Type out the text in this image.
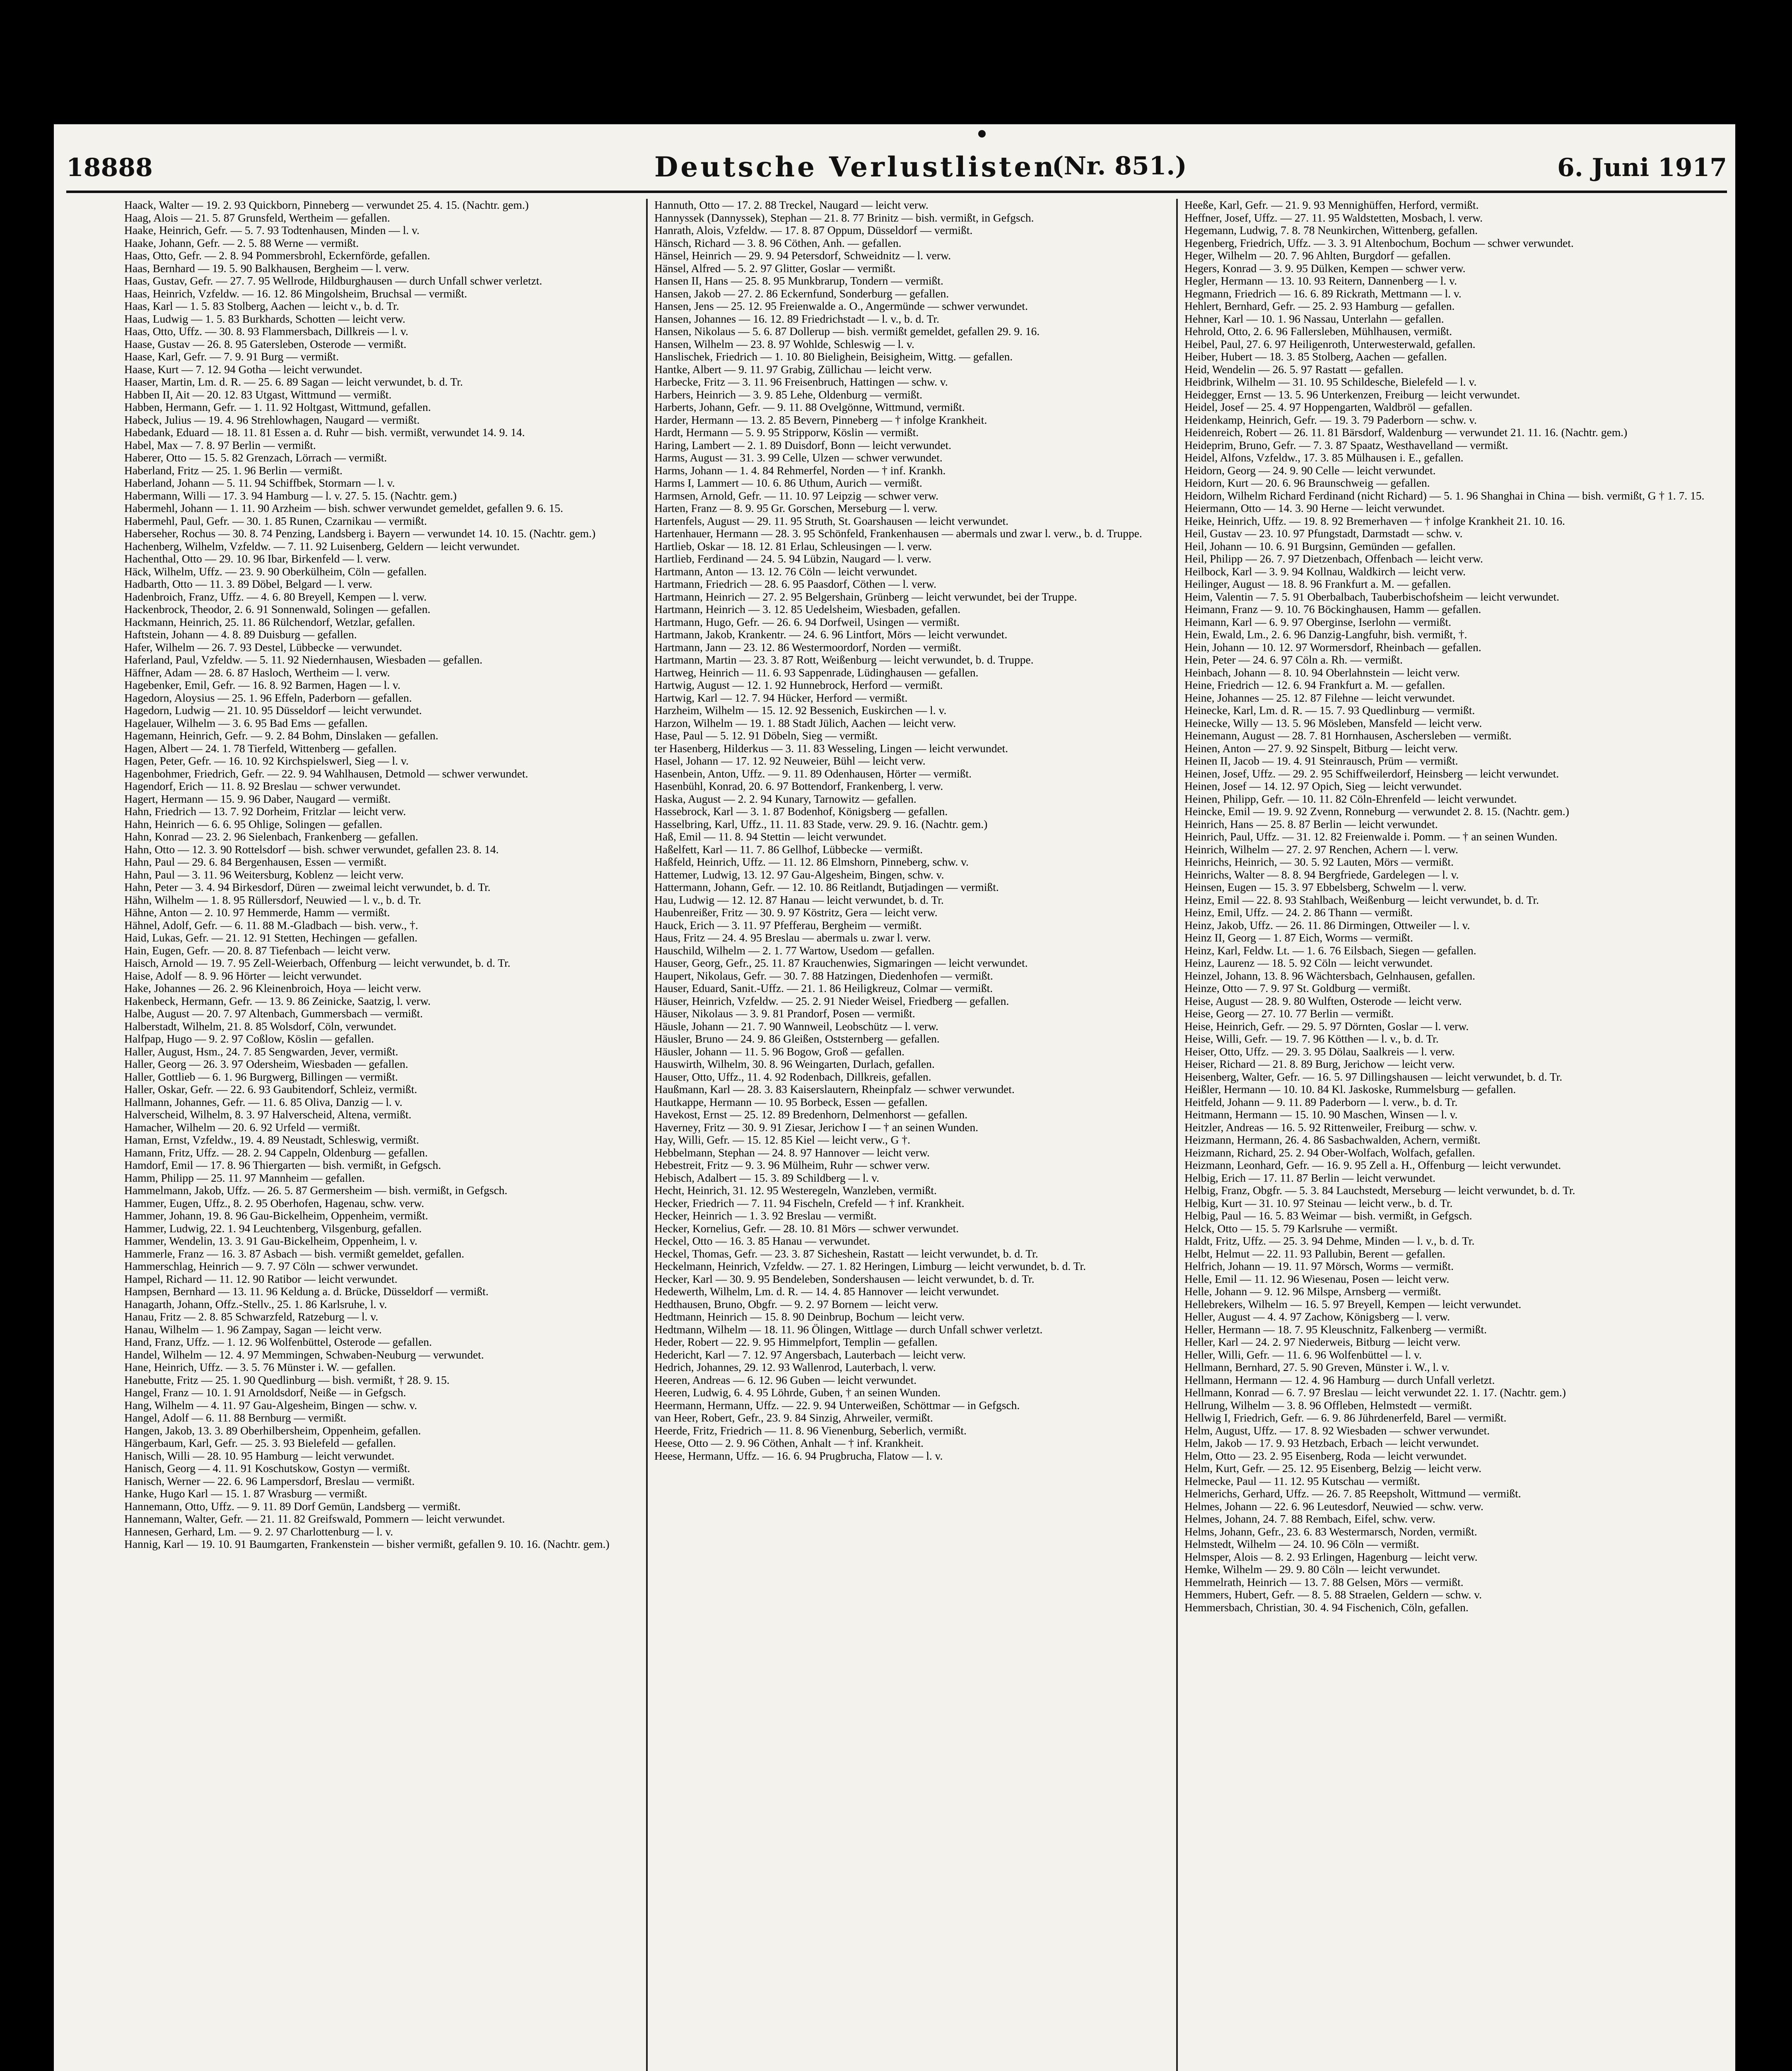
18888	Deutsche Verlustlisten
(Nr. 851.)	6. Juni 1917
Haack, Walter — 19. 2. 93 Quickborn, Pinneberg — verwundet 25. 4. 15. (Nachtr. gem.)
Haag, Alois — 21. 5. 87 Grunsfeld, Wertheim — gefallen.
Haake, Heinrich, Gefr. — 5. 7. 93 Todtenhausen, Minden — l. v.
Haake, Johann, Gefr. — 2. 5. 88 Werne — vermißt.
Haas, Otto, Gefr. — 2. 8. 94 Pommersbrohl, Eckernförde, gefallen.
Haas, Bernhard — 19. 5. 90 Balkhausen, Bergheim — l. verw.
Haas, Gustav, Gefr. — 27. 7. 95 Wellrode, Hildburghausen — durch Unfall schwer verletzt.
Haas, Heinrich, Vzfeldw. — 16. 12. 86 Mingolsheim, Bruchsal — vermißt.
Haas, Karl — 1. 5. 83 Stolberg, Aachen — leicht v., b. d. Tr.
Haas, Ludwig — 1. 5. 83 Burkhards, Schotten — leicht verw.
Haas, Otto, Uffz. — 30. 8. 93 Flammersbach, Dillkreis — l. v.
Haase, Gustav — 26. 8. 95 Gatersleben, Osterode — vermißt.
Haase, Karl, Gefr. — 7. 9. 91 Burg — vermißt.
Haase, Kurt — 7. 12. 94 Gotha — leicht verwundet.
Haaser, Martin, Lm. d. R. — 25. 6. 89 Sagan — leicht verwundet, b. d. Tr.
Habben II, Ait — 20. 12. 83 Utgast, Wittmund — vermißt.
Habben, Hermann, Gefr. — 1. 11. 92 Holtgast, Wittmund, gefallen.
Habeck, Julius — 19. 4. 96 Strehlowhagen, Naugard — vermißt.
Habedank, Eduard — 18. 11. 81 Essen a. d. Ruhr — bish. vermißt, verwundet 14. 9. 14.
Habel, Max — 7. 8. 97 Berlin — vermißt.
Haberer, Otto — 15. 5. 82 Grenzach, Lörrach — vermißt.
Haberland, Fritz — 25. 1. 96 Berlin — vermißt.
Haberland, Johann — 5. 11. 94 Schiffbek, Stormarn — l. v.
Habermann, Willi — 17. 3. 94 Hamburg — l. v. 27. 5. 15. (Nachtr. gem.)
Habermehl, Johann — 1. 11. 90 Arzheim — bish. schwer verwundet gemeldet, gefallen 9. 6. 15.
Habermehl, Paul, Gefr. — 30. 1. 85 Runen, Czarnikau — vermißt.
Haberseher, Rochus — 30. 8. 74 Penzing, Landsberg i. Bayern — verwundet 14. 10. 15. (Nachtr. gem.)
Hachenberg, Wilhelm, Vzfeldw. — 7. 11. 92 Luisenberg, Geldern — leicht verwundet.
Hachenthal, Otto — 29. 10. 96 Ibar, Birkenfeld — l. verw.
Häck, Wilhelm, Uffz. — 23. 9. 90 Oberkülheim, Cöln — gefallen.
Hadbarth, Otto — 11. 3. 89 Döbel, Belgard — l. verw.
Hadenbroich, Franz, Uffz. — 4. 6. 80 Breyell, Kempen — l. verw.
Hackenbrock, Theodor, 2. 6. 91 Sonnenwald, Solingen — gefallen.
Hackmann, Heinrich, 25. 11. 86 Rülchendorf, Wetzlar, gefallen.
Haftstein, Johann — 4. 8. 89 Duisburg — gefallen.
Hafer, Wilhelm — 26. 7. 93 Destel, Lübbecke — verwundet.
Haferland, Paul, Vzfeldw. — 5. 11. 92 Niedernhausen, Wiesbaden — gefallen.
Häffner, Adam — 28. 6. 87 Hasloch, Wertheim — l. verw.
Hagebenker, Emil, Gefr. — 16. 8. 92 Barmen, Hagen — l. v.
Hagedorn, Aloysius — 25. 1. 96 Effeln, Paderborn — gefallen.
Hagedorn, Ludwig — 21. 10. 95 Düsseldorf — leicht verwundet.
Hagelauer, Wilhelm — 3. 6. 95 Bad Ems — gefallen.
Hagemann, Heinrich, Gefr. — 9. 2. 84 Bohm, Dinslaken — gefallen.
Hagen, Albert — 24. 1. 78 Tierfeld, Wittenberg — gefallen.
Hagen, Peter, Gefr. — 16. 10. 92 Kirchspielswerl, Sieg — l. v.
Hagenbohmer, Friedrich, Gefr. — 22. 9. 94 Wahlhausen, Detmold — schwer verwundet.
Hagendorf, Erich — 11. 8. 92 Breslau — schwer verwundet.
Hagert, Hermann — 15. 9. 96 Daber, Naugard — vermißt.
Hahn, Friedrich — 13. 7. 92 Dorheim, Fritzlar — leicht verw.
Hahn, Heinrich — 6. 6. 95 Ohlige, Solingen — gefallen.
Hahn, Konrad — 23. 2. 96 Sielenbach, Frankenberg — gefallen.
Hahn, Otto — 12. 3. 90 Rottelsdorf — bish. schwer verwundet, gefallen 23. 8. 14.
Hahn, Paul — 29. 6. 84 Bergenhausen, Essen — vermißt.
Hahn, Paul — 3. 11. 96 Weitersburg, Koblenz — leicht verw.
Hahn, Peter — 3. 4. 94 Birkesdorf, Düren — zweimal leicht verwundet, b. d. Tr.
Hähn, Wilhelm — 1. 8. 95 Rüllersdorf, Neuwied — l. v., b. d. Tr.
Hähne, Anton — 2. 10. 97 Hemmerde, Hamm — vermißt.
Hähnel, Adolf, Gefr. — 6. 11. 88 M.-Gladbach — bish. verw., †.
Haid, Lukas, Gefr. — 21. 12. 91 Stetten, Hechingen — gefallen.
Hain, Eugen, Gefr. — 20. 8. 87 Tiefenbach — leicht verw.
Haisch, Arnold — 19. 7. 95 Zell-Weierbach, Offenburg — leicht verwundet, b. d. Tr.
Haise, Adolf — 8. 9. 96 Hörter — leicht verwundet.
Hake, Johannes — 26. 2. 96 Kleinenbroich, Hoya — leicht verw.
Hakenbeck, Hermann, Gefr. — 13. 9. 86 Zeinicke, Saatzig, l. verw.
Halbe, August — 20. 7. 97 Altenbach, Gummersbach — vermißt.
Halberstadt, Wilhelm, 21. 8. 85 Wolsdorf, Cöln, verwundet.
Halfpap, Hugo — 9. 2. 97 Coßlow, Köslin — gefallen.
Haller, August, Hsm., 24. 7. 85 Sengwarden, Jever, vermißt.
Haller, Georg — 26. 3. 97 Odersheim, Wiesbaden — gefallen.
Haller, Gottlieb — 6. 1. 96 Burgwerg, Billingen — vermißt.
Haller, Oskar, Gefr. — 22. 6. 93 Gaubitendorf, Schleiz, vermißt.
Hallmann, Johannes, Gefr. — 11. 6. 85 Oliva, Danzig — l. v.
Halverscheid, Wilhelm, 8. 3. 97 Halverscheid, Altena, vermißt.
Hamacher, Wilhelm — 20. 6. 92 Urfeld — vermißt.
Haman, Ernst, Vzfeldw., 19. 4. 89 Neustadt, Schleswig, vermißt.
Hamann, Fritz, Uffz. — 28. 2. 94 Cappeln, Oldenburg — gefallen.
Hamdorf, Emil — 17. 8. 96 Thiergarten — bish. vermißt, in Gefgsch.
Hamm, Philipp — 25. 11. 97 Mannheim — gefallen.
Hammelmann, Jakob, Uffz. — 26. 5. 87 Germersheim — bish. vermißt, in Gefgsch.
Hammer, Eugen, Uffz., 8. 2. 95 Oberhofen, Hagenau, schw. verw.
Hammer, Johann, 19. 8. 96 Gau-Bickelheim, Oppenheim, vermißt.
Hammer, Ludwig, 22. 1. 94 Leuchtenberg, Vilsgenburg, gefallen.
Hammer, Wendelin, 13. 3. 91 Gau-Bickelheim, Oppenheim, l. v.
Hammerle, Franz — 16. 3. 87 Asbach — bish. vermißt gemeldet, gefallen.
Hammerschlag, Heinrich — 9. 7. 97 Cöln — schwer verwundet.
Hampel, Richard — 11. 12. 90 Ratibor — leicht verwundet.
Hampsen, Bernhard — 13. 11. 96 Keldung a. d. Brücke, Düsseldorf — vermißt.
Hanagarth, Johann, Offz.-Stellv., 25. 1. 86 Karlsruhe, l. v.
Hanau, Fritz — 2. 8. 85 Schwarzfeld, Ratzeburg — l. v.
Hanau, Wilhelm — 1. 96 Zampay, Sagan — leicht verw.
Hand, Franz, Uffz. — 1. 12. 96 Wolfenbüttel, Osterode — gefallen.
Handel, Wilhelm — 12. 4. 97 Memmingen, Schwaben-Neuburg — verwundet.
Hane, Heinrich, Uffz. — 3. 5. 76 Münster i. W. — gefallen.
Hanebutte, Fritz — 25. 1. 90 Quedlinburg — bish. vermißt, † 28. 9. 15.
Hangel, Franz — 10. 1. 91 Arnoldsdorf, Neiße — in Gefgsch.
Hang, Wilhelm — 4. 11. 97 Gau-Algesheim, Bingen — schw. v.
Hangel, Adolf — 6. 11. 88 Bernburg — vermißt.
Hangen, Jakob, 13. 3. 89 Oberhilbersheim, Oppenheim, gefallen.
Hängerbaum, Karl, Gefr. — 25. 3. 93 Bielefeld — gefallen.
Hanisch, Willi — 28. 10. 95 Hamburg — leicht verwundet.
Hanisch, Georg — 4. 11. 91 Koschutskow, Gostyn — vermißt.
Hanisch, Werner — 22. 6. 96 Lampersdorf, Breslau — vermißt.
Hanke, Hugo Karl — 15. 1. 87 Wrasburg — vermißt.
Hannemann, Otto, Uffz. — 9. 11. 89 Dorf Gemün, Landsberg — vermißt.
Hannemann, Walter, Gefr. — 21. 11. 82 Greifswald, Pommern — leicht verwundet.
Hannesen, Gerhard, Lm. — 9. 2. 97 Charlottenburg — l. v.
Hannig, Karl — 19. 10. 91 Baumgarten, Frankenstein — bisher vermißt, gefallen 9. 10. 16. (Nachtr. gem.)
Hannuth, Otto — 17. 2. 88 Treckel, Naugard — leicht verw.
Hannyssek (Dannyssek), Stephan — 21. 8. 77 Brinitz — bish. vermißt, in Gefgsch.
Hanrath, Alois, Vzfeldw. — 17. 8. 87 Oppum, Düsseldorf — vermißt.
Hänsch, Richard — 3. 8. 96 Cöthen, Anh. — gefallen.
Hänsel, Heinrich — 29. 9. 94 Petersdorf, Schweidnitz — l. verw.
Hänsel, Alfred — 5. 2. 97 Glitter, Goslar — vermißt.
Hansen II, Hans — 25. 8. 95 Munkbrarup, Tondern — vermißt.
Hansen, Jakob — 27. 2. 86 Eckernfund, Sonderburg — gefallen.
Hansen, Jens — 25. 12. 95 Freienwalde a. O., Angermünde — schwer verwundet.
Hansen, Johannes — 16. 12. 89 Friedrichstadt — l. v., b. d. Tr.
Hansen, Nikolaus — 5. 6. 87 Dollerup — bish. vermißt gemeldet, gefallen 29. 9. 16.
Hansen, Wilhelm — 23. 8. 97 Wohlde, Schleswig — l. v.
Hanslischek, Friedrich — 1. 10. 80 Bielighein, Beisigheim, Wittg. — gefallen.
Hantke, Albert — 9. 11. 97 Grabig, Züllichau — leicht verw.
Harbecke, Fritz — 3. 11. 96 Freisenbruch, Hattingen — schw. v.
Harbers, Heinrich — 3. 9. 85 Lehe, Oldenburg — vermißt.
Harberts, Johann, Gefr. — 9. 11. 88 Ovelgönne, Wittmund, vermißt.
Harder, Hermann — 13. 2. 85 Bevern, Pinneberg — † infolge Krankheit.
Hardt, Hermann — 5. 9. 95 Stripporw, Köslin — vermißt.
Haring, Lambert — 2. 1. 89 Duisdorf, Bonn — leicht verwundet.
Harms, August — 31. 3. 99 Celle, Ulzen — schwer verwundet.
Harms, Johann — 1. 4. 84 Rehmerfel, Norden — † inf. Krankh.
Harms I, Lammert — 10. 6. 86 Uthum, Aurich — vermißt.
Harmsen, Arnold, Gefr. — 11. 10. 97 Leipzig — schwer verw.
Harten, Franz — 8. 9. 95 Gr. Gorschen, Merseburg — l. verw.
Hartenfels, August — 29. 11. 95 Struth, St. Goarshausen — leicht verwundet.
Hartenhauer, Hermann — 28. 3. 95 Schönfeld, Frankenhausen — abermals und zwar l. verw., b. d. Truppe.
Hartlieb, Oskar — 18. 12. 81 Erlau, Schleusingen — l. verw.
Hartlieb, Ferdinand — 24. 5. 94 Lübzin, Naugard — l. verw.
Hartmann, Anton — 13. 12. 76 Cöln — leicht verwundet.
Hartmann, Friedrich — 28. 6. 95 Paasdorf, Cöthen — l. verw.
Hartmann, Heinrich — 27. 2. 95 Belgershain, Grünberg — leicht verwundet, bei der Truppe.
Hartmann, Heinrich — 3. 12. 85 Uedelsheim, Wiesbaden, gefallen.
Hartmann, Hugo, Gefr. — 26. 6. 94 Dorfweil, Usingen — vermißt.
Hartmann, Jakob, Krankentr. — 24. 6. 96 Lintfort, Mörs — leicht verwundet.
Hartmann, Jann — 23. 12. 86 Westermoordorf, Norden — vermißt.
Hartmann, Martin — 23. 3. 87 Rott, Weißenburg — leicht verwundet, b. d. Truppe.
Hartweg, Heinrich — 11. 6. 93 Sappenrade, Lüdinghausen — gefallen.
Hartwig, August — 12. 1. 92 Hunnebrock, Herford — vermißt.
Hartwig, Karl — 12. 7. 94 Hücker, Herford — vermißt.
Harzheim, Wilhelm — 15. 12. 92 Bessenich, Euskirchen — l. v.
Harzon, Wilhelm — 19. 1. 88 Stadt Jülich, Aachen — leicht verw.
Hase, Paul — 5. 12. 91 Döbeln, Sieg — vermißt.
ter Hasenberg, Hilderkus — 3. 11. 83 Wesseling, Lingen — leicht verwundet.
Hasel, Johann — 17. 12. 92 Neuweier, Bühl — leicht verw.
Hasenbein, Anton, Uffz. — 9. 11. 89 Odenhausen, Hörter — vermißt.
Hasenbühl, Konrad, 20. 6. 97 Bottendorf, Frankenberg, l. verw.
Haska, August — 2. 2. 94 Kunary, Tarnowitz — gefallen.
Hassebrock, Karl — 3. 1. 87 Bodenhof, Königsberg — gefallen.
Hasselbring, Karl, Uffz., 11. 11. 83 Stade, verw. 29. 9. 16. (Nachtr. gem.)
Haß, Emil — 11. 8. 94 Stettin — leicht verwundet.
Haßelfett, Karl — 11. 7. 86 Gellhof, Lübbecke — vermißt.
Haßfeld, Heinrich, Uffz. — 11. 12. 86 Elmshorn, Pinneberg, schw. v.
Hattemer, Ludwig, 13. 12. 97 Gau-Algesheim, Bingen, schw. v.
Hattermann, Johann, Gefr. — 12. 10. 86 Reitlandt, Butjadingen — vermißt.
Hau, Ludwig — 12. 12. 87 Hanau — leicht verwundet, b. d. Tr.
Haubenreißer, Fritz — 30. 9. 97 Köstritz, Gera — leicht verw.
Hauck, Erich — 3. 11. 97 Pfefferau, Bergheim — vermißt.
Haus, Fritz — 24. 4. 95 Breslau — abermals u. zwar l. verw.
Hauschild, Wilhelm — 2. 1. 77 Wartow, Usedom — gefallen.
Hauser, Georg, Gefr., 25. 11. 87 Krauchenwies, Sigmaringen — leicht verwundet.
Haupert, Nikolaus, Gefr. — 30. 7. 88 Hatzingen, Diedenhofen — vermißt.
Hauser, Eduard, Sanit.-Uffz. — 21. 1. 86 Heiligkreuz, Colmar — vermißt.
Häuser, Heinrich, Vzfeldw. — 25. 2. 91 Nieder Weisel, Friedberg — gefallen.
Häuser, Nikolaus — 3. 9. 81 Prandorf, Posen — vermißt.
Häusle, Johann — 21. 7. 90 Wannweil, Leobschütz — l. verw.
Häusler, Bruno — 24. 9. 86 Gleißen, Oststernberg — gefallen.
Häusler, Johann — 11. 5. 96 Bogow, Groß — gefallen.
Hauswirth, Wilhelm, 30. 8. 96 Weingarten, Durlach, gefallen.
Hauser, Otto, Uffz., 11. 4. 92 Rodenbach, Dillkreis, gefallen.
Haußmann, Karl — 28. 3. 83 Kaiserslautern, Rheinpfalz — schwer verwundet.
Hautkappe, Hermann — 10. 95 Borbeck, Essen — gefallen.
Havekost, Ernst — 25. 12. 89 Bredenhorn, Delmenhorst — gefallen.
Haverney, Fritz — 30. 9. 91 Ziesar, Jerichow I — † an seinen Wunden.
Hay, Willi, Gefr. — 15. 12. 85 Kiel — leicht verw., G †.
Hebbelmann, Stephan — 24. 8. 97 Hannover — leicht verw.
Hebestreit, Fritz — 9. 3. 96 Mülheim, Ruhr — schwer verw.
Hebisch, Adalbert — 15. 3. 89 Schildberg — l. v.
Hecht, Heinrich, 31. 12. 95 Westeregeln, Wanzleben, vermißt.
Hecker, Friedrich — 7. 11. 94 Fischeln, Crefeld — † inf. Krankheit.
Hecker, Heinrich — 1. 3. 92 Breslau — vermißt.
Hecker, Kornelius, Gefr. — 28. 10. 81 Mörs — schwer verwundet.
Heckel, Otto — 16. 3. 85 Hanau — verwundet.
Heckel, Thomas, Gefr. — 23. 3. 87 Sicheshein, Rastatt — leicht verwundet, b. d. Tr.
Heckelmann, Heinrich, Vzfeldw. — 27. 1. 82 Heringen, Limburg — leicht verwundet, b. d. Tr.
Hecker, Karl — 30. 9. 95 Bendeleben, Sondershausen — leicht verwundet, b. d. Tr.
Hedewerth, Wilhelm, Lm. d. R. — 14. 4. 85 Hannover — leicht verwundet.
Hedthausen, Bruno, Obgfr. — 9. 2. 97 Bornem — leicht verw.
Hedtmann, Heinrich — 15. 8. 90 Deinbrup, Bochum — leicht verw.
Hedtmann, Wilhelm — 18. 11. 96 Ölingen, Wittlage — durch Unfall schwer verletzt.
Heder, Robert — 22. 9. 95 Himmelpfort, Templin — gefallen.
Hedericht, Karl — 7. 12. 97 Angersbach, Lauterbach — leicht verw.
Hedrich, Johannes, 29. 12. 93 Wallenrod, Lauterbach, l. verw.
Heeren, Andreas — 6. 12. 96 Guben — leicht verwundet.
Heeren, Ludwig, 6. 4. 95 Löhrde, Guben, † an seinen Wunden.
Heermann, Hermann, Uffz. — 22. 9. 94 Unterweißen, Schöttmar — in Gefgsch.
van Heer, Robert, Gefr., 23. 9. 84 Sinzig, Ahrweiler, vermißt.
Heerde, Fritz, Friedrich — 11. 8. 96 Vienenburg, Seberlich, vermißt.
Heese, Otto — 2. 9. 96 Cöthen, Anhalt — † inf. Krankheit.
Heese, Hermann, Uffz. — 16. 6. 94 Prugbrucha, Flatow — l. v.
Heeße, Karl, Gefr. — 21. 9. 93 Mennighüffen, Herford, vermißt.
Heffner, Josef, Uffz. — 27. 11. 95 Waldstetten, Mosbach, l. verw.
Hegemann, Ludwig, 7. 8. 78 Neunkirchen, Wittenberg, gefallen.
Hegenberg, Friedrich, Uffz. — 3. 3. 91 Altenbochum, Bochum — schwer verwundet.
Heger, Wilhelm — 20. 7. 96 Ahlten, Burgdorf — gefallen.
Hegers, Konrad — 3. 9. 95 Dülken, Kempen — schwer verw.
Hegler, Hermann — 13. 10. 93 Reitern, Dannenberg — l. v.
Hegmann, Friedrich — 16. 6. 89 Rickrath, Mettmann — l. v.
Hehlert, Bernhard, Gefr. — 25. 2. 93 Hamburg — gefallen.
Hehner, Karl — 10. 1. 96 Nassau, Unterlahn — gefallen.
Hehrold, Otto, 2. 6. 96 Fallersleben, Mühlhausen, vermißt.
Heibel, Paul, 27. 6. 97 Heiligenroth, Unterwesterwald, gefallen.
Heiber, Hubert — 18. 3. 85 Stolberg, Aachen — gefallen.
Heid, Wendelin — 26. 5. 97 Rastatt — gefallen.
Heidbrink, Wilhelm — 31. 10. 95 Schildesche, Bielefeld — l. v.
Heidegger, Ernst — 13. 5. 96 Unterkenzen, Freiburg — leicht verwundet.
Heidel, Josef — 25. 4. 97 Hoppengarten, Waldbröl — gefallen.
Heidenkamp, Heinrich, Gefr. — 19. 3. 79 Paderborn — schw. v.
Heidenreich, Robert — 26. 11. 81 Bärsdorf, Waldenburg — verwundet 21. 11. 16. (Nachtr. gem.)
Heideprim, Bruno, Gefr. — 7. 3. 87 Spaatz, Westhavelland — vermißt.
Heidel, Alfons, Vzfeldw., 17. 3. 85 Mülhausen i. E., gefallen.
Heidorn, Georg — 24. 9. 90 Celle — leicht verwundet.
Heidorn, Kurt — 20. 6. 96 Braunschweig — gefallen.
Heidorn, Wilhelm Richard Ferdinand (nicht Richard) — 5. 1. 96 Shanghai in China — bish. vermißt, G † 1. 7. 15.
Heiermann, Otto — 14. 3. 90 Herne — leicht verwundet.
Heike, Heinrich, Uffz. — 19. 8. 92 Bremerhaven — † infolge Krankheit 21. 10. 16.
Heil, Gustav — 23. 10. 97 Pfungstadt, Darmstadt — schw. v.
Heil, Johann — 10. 6. 91 Burgsinn, Gemünden — gefallen.
Heil, Philipp — 26. 7. 97 Dietzenbach, Offenbach — leicht verw.
Heilbock, Karl — 3. 9. 94 Kollnau, Waldkirch — leicht verw.
Heilinger, August — 18. 8. 96 Frankfurt a. M. — gefallen.
Heim, Valentin — 7. 5. 91 Oberbalbach, Tauberbischofsheim — leicht verwundet.
Heimann, Franz — 9. 10. 76 Böckinghausen, Hamm — gefallen.
Heimann, Karl — 6. 9. 97 Oberginse, Iserlohn — vermißt.
Hein, Ewald, Lm., 2. 6. 96 Danzig-Langfuhr, bish. vermißt, †.
Hein, Johann — 10. 12. 97 Wormersdorf, Rheinbach — gefallen.
Hein, Peter — 24. 6. 97 Cöln a. Rh. — vermißt.
Heinbach, Johann — 8. 10. 94 Oberlahnstein — leicht verw.
Heine, Friedrich — 12. 6. 94 Frankfurt a. M. — gefallen.
Heine, Johannes — 25. 12. 87 Filehne — leicht verwundet.
Heinecke, Karl, Lm. d. R. — 15. 7. 93 Quedlinburg — vermißt.
Heinecke, Willy — 13. 5. 96 Mösleben, Mansfeld — leicht verw.
Heinemann, August — 28. 7. 81 Hornhausen, Aschersleben — vermißt.
Heinen, Anton — 27. 9. 92 Sinspelt, Bitburg — leicht verw.
Heinen II, Jacob — 19. 4. 91 Steinrausch, Prüm — vermißt.
Heinen, Josef, Uffz. — 29. 2. 95 Schiffweilerdorf, Heinsberg — leicht verwundet.
Heinen, Josef — 14. 12. 97 Opich, Sieg — leicht verwundet.
Heinen, Philipp, Gefr. — 10. 11. 82 Cöln-Ehrenfeld — leicht verwundet.
Heincke, Emil — 19. 9. 92 Zvenn, Ronneburg — verwundet 2. 8. 15. (Nachtr. gem.)
Heinrich, Hans — 25. 8. 87 Berlin — leicht verwundet.
Heinrich, Paul, Uffz. — 31. 12. 82 Freienwalde i. Pomm. — † an seinen Wunden.
Heinrich, Wilhelm — 27. 2. 97 Renchen, Achern — l. verw.
Heinrichs, Heinrich, — 30. 5. 92 Lauten, Mörs — vermißt.
Heinrichs, Walter — 8. 8. 94 Bergfriede, Gardelegen — l. v.
Heinsen, Eugen — 15. 3. 97 Ebbelsberg, Schwelm — l. verw.
Heinz, Emil — 22. 8. 93 Stahlbach, Weißenburg — leicht verwundet, b. d. Tr.
Heinz, Emil, Uffz. — 24. 2. 86 Thann — vermißt.
Heinz, Jakob, Uffz. — 26. 11. 86 Dirmingen, Ottweiler — l. v.
Heinz II, Georg — 1. 87 Eich, Worms — vermißt.
Heinz, Karl, Feldw. Lt. — 1. 6. 76 Eilsbach, Siegen — gefallen.
Heinz, Laurenz — 18. 5. 92 Cöln — leicht verwundet.
Heinzel, Johann, 13. 8. 96 Wächtersbach, Gelnhausen, gefallen.
Heinze, Otto — 7. 9. 97 St. Goldburg — vermißt.
Heise, August — 28. 9. 80 Wulften, Osterode — leicht verw.
Heise, Georg — 27. 10. 77 Berlin — vermißt.
Heise, Heinrich, Gefr. — 29. 5. 97 Dörnten, Goslar — l. verw.
Heise, Willi, Gefr. — 19. 7. 96 Kötthen — l. v., b. d. Tr.
Heiser, Otto, Uffz. — 29. 3. 95 Dölau, Saalkreis — l. verw.
Heiser, Richard — 21. 8. 89 Burg, Jerichow — leicht verw.
Heisenberg, Walter, Gefr. — 16. 5. 97 Dillingshausen — leicht verwundet, b. d. Tr.
Heißler, Hermann — 10. 10. 84 Kl. Jaskoske, Rummelsburg — gefallen.
Heitfeld, Johann — 9. 11. 89 Paderborn — l. verw., b. d. Tr.
Heitmann, Hermann — 15. 10. 90 Maschen, Winsen — l. v.
Heitzler, Andreas — 16. 5. 92 Rittenweiler, Freiburg — schw. v.
Heizmann, Hermann, 26. 4. 86 Sasbachwalden, Achern, vermißt.
Heizmann, Richard, 25. 2. 94 Ober-Wolfach, Wolfach, gefallen.
Heizmann, Leonhard, Gefr. — 16. 9. 95 Zell a. H., Offenburg — leicht verwundet.
Helbig, Erich — 17. 11. 87 Berlin — leicht verwundet.
Helbig, Franz, Obgfr. — 5. 3. 84 Lauchstedt, Merseburg — leicht verwundet, b. d. Tr.
Helbig, Kurt — 31. 10. 97 Steinau — leicht verw., b. d. Tr.
Helbig, Paul — 16. 5. 83 Weimar — bish. vermißt, in Gefgsch.
Helck, Otto — 15. 5. 79 Karlsruhe — vermißt.
Haldt, Fritz, Uffz. — 25. 3. 94 Dehme, Minden — l. v., b. d. Tr.
Helbt, Helmut — 22. 11. 93 Pallubin, Berent — gefallen.
Helfrich, Johann — 19. 11. 97 Mörsch, Worms — vermißt.
Helle, Emil — 11. 12. 96 Wiesenau, Posen — leicht verw.
Helle, Johann — 9. 12. 96 Milspe, Arnsberg — vermißt.
Hellebrekers, Wilhelm — 16. 5. 97 Breyell, Kempen — leicht verwundet.
Heller, August — 4. 4. 97 Zachow, Königsberg — l. verw.
Heller, Hermann — 18. 7. 95 Kleuschnitz, Falkenberg — vermißt.
Heller, Karl — 24. 2. 97 Niederweis, Bitburg — leicht verw.
Heller, Willi, Gefr. — 11. 6. 96 Wolfenbüttel — l. v.
Hellmann, Bernhard, 27. 5. 90 Greven, Münster i. W., l. v.
Hellmann, Hermann — 12. 4. 96 Hamburg — durch Unfall verletzt.
Hellmann, Konrad — 6. 7. 97 Breslau — leicht verwundet 22. 1. 17. (Nachtr. gem.)
Hellrung, Wilhelm — 3. 8. 96 Offleben, Helmstedt — vermißt.
Hellwig I, Friedrich, Gefr. — 6. 9. 86 Jührdenerfeld, Barel — vermißt.
Helm, August, Uffz. — 17. 8. 92 Wiesbaden — schwer verwundet.
Helm, Jakob — 17. 9. 93 Hetzbach, Erbach — leicht verwundet.
Helm, Otto — 23. 2. 95 Eisenberg, Roda — leicht verwundet.
Helm, Kurt, Gefr. — 25. 12. 95 Eisenberg, Belzig — leicht verw.
Helmecke, Paul — 11. 12. 95 Kutschau — vermißt.
Helmerichs, Gerhard, Uffz. — 26. 7. 85 Reepsholt, Wittmund — vermißt.
Helmes, Johann — 22. 6. 96 Leutesdorf, Neuwied — schw. verw.
Helmes, Johann, 24. 7. 88 Rembach, Eifel, schw. verw.
Helms, Johann, Gefr., 23. 6. 83 Westermarsch, Norden, vermißt.
Helmstedt, Wilhelm — 24. 10. 96 Cöln — vermißt.
Helmsper, Alois — 8. 2. 93 Erlingen, Hagenburg — leicht verw.
Hemke, Wilhelm — 29. 9. 80 Cöln — leicht verwundet.
Hemmelrath, Heinrich — 13. 7. 88 Gelsen, Mörs — vermißt.
Hemmers, Hubert, Gefr. — 8. 5. 88 Straelen, Geldern — schw. v.
Hemmersbach, Christian, 30. 4. 94 Fischenich, Cöln, gefallen.
